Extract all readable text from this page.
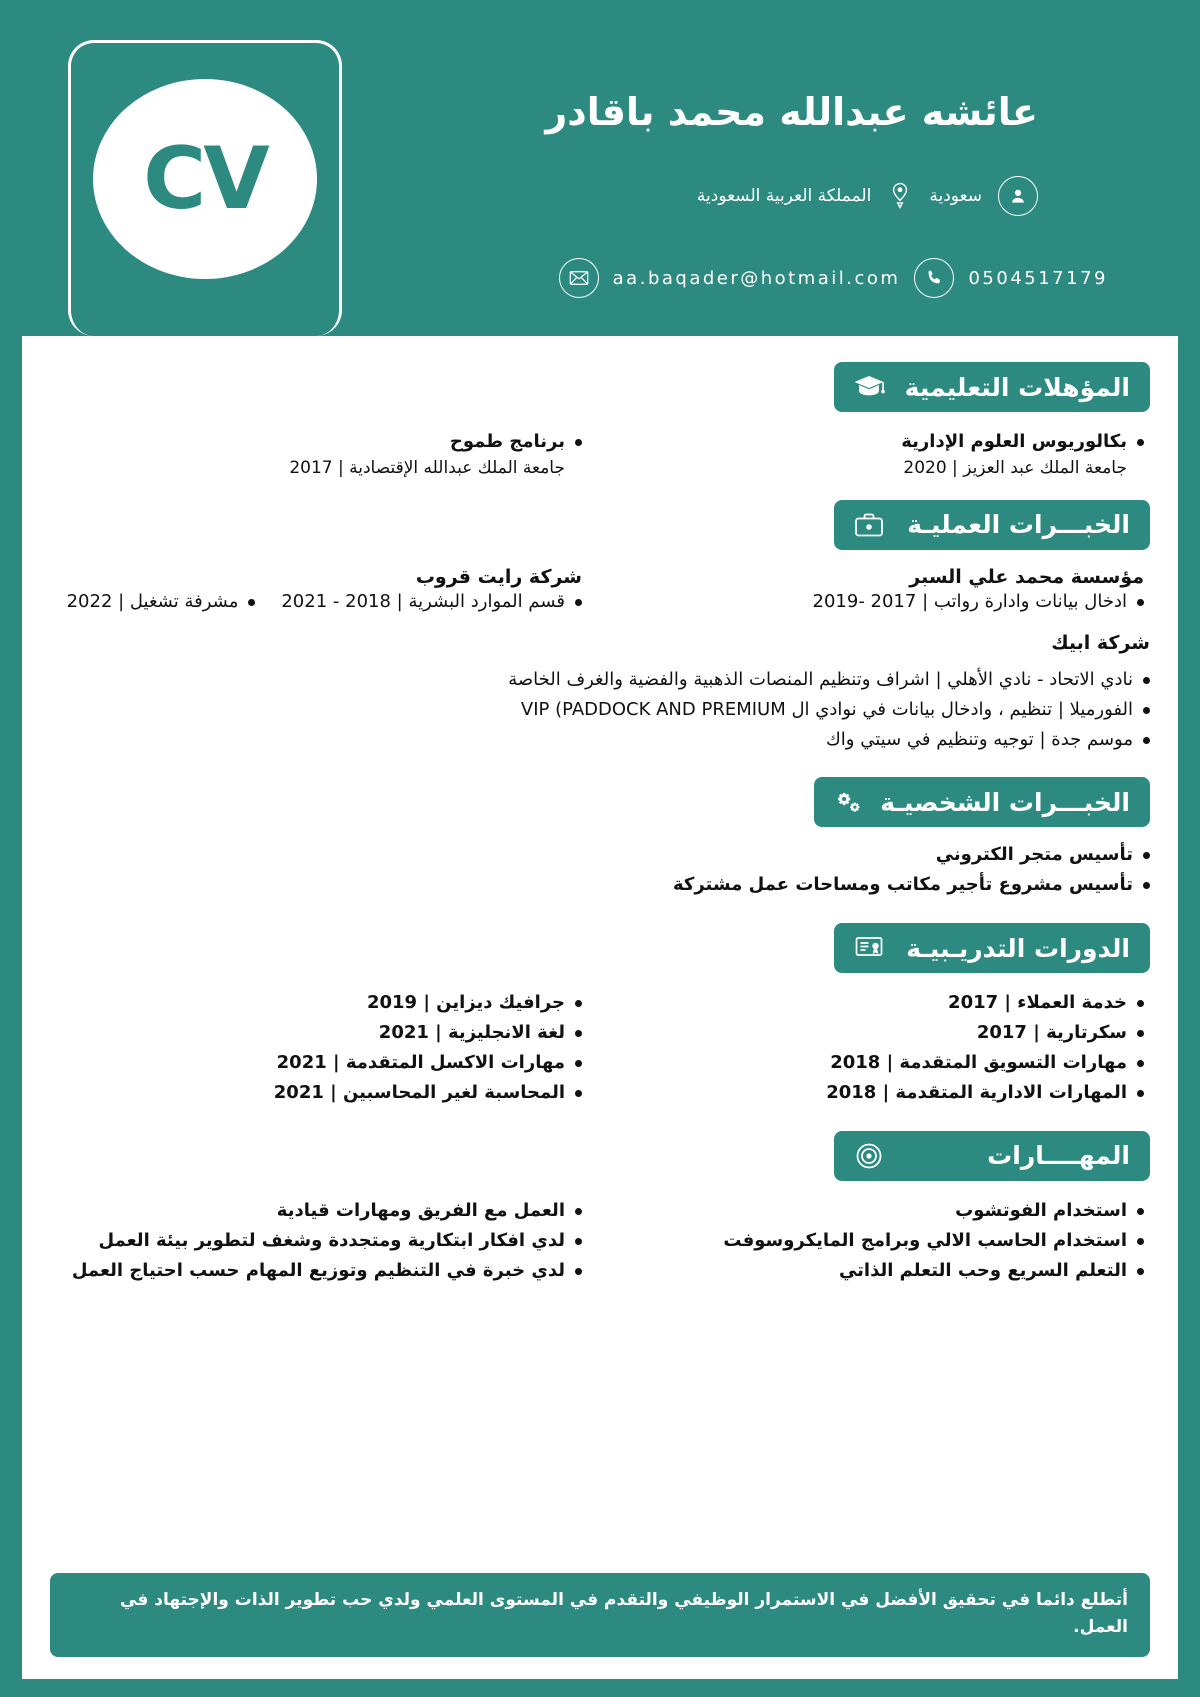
عائشه عبدالله محمد باقادر
سعودية
المملكة العربية السعودية
0504517179
aa.baqader@hotmail.com
CV
المؤهلات التعليمية
بكالوريوس العلوم الإدارية
جامعة الملك عبد العزيز | 2020
برنامج طموح
جامعة الملك عبدالله الإقتصادية | 2017
الخبـــرات العمليـة
مؤسسة محمد علي السبر
ادخال بيانات وادارة رواتب | 2017 -2019
شركة رايت قروب
قسم الموارد البشرية | 2018 - 2021
مشرفة تشغيل | 2022
شركة ابيك
نادي الاتحاد - نادي الأهلي | اشراف وتنظيم المنصات الذهبية والفضية والغرف الخاصة
الفورميلا | تنظيم ، وادخال بيانات في نوادي ال VIP (PADDOCK AND PREMIUM
موسم جدة | توجيه وتنظيم في سيتي واك
الخبـــرات الشخصيـة
تأسيس متجر الكتروني
تأسيس مشروع تأجير مكاتب ومساحات عمل مشتركة
الدورات التدريـبيـة
خدمة العملاء | 2017
سكرتارية | 2017
مهارات التسويق المتقدمة | 2018
المهارات الادارية المتقدمة | 2018
جرافيك ديزاين | 2019
لغة الانجليزية | 2021
مهارات الاكسل المتقدمة | 2021
المحاسبة لغير المحاسبين | 2021
المهــــارات
استخدام الفوتشوب
استخدام الحاسب الالي وبرامج المايكروسوفت
التعلم السريع وحب التعلم الذاتي
العمل مع الفريق ومهارات قيادية
لدي افكار ابتكارية ومتجددة وشغف لتطوير بيئة العمل
لدي خبرة في التنظيم وتوزيع المهام حسب احتياج العمل
أتطلع دائما في تحقيق الأفضل في الاستمرار الوظيفي والتقدم في المستوى العلمي ولدي حب تطوير الذات والإجتهاد في العمل.
